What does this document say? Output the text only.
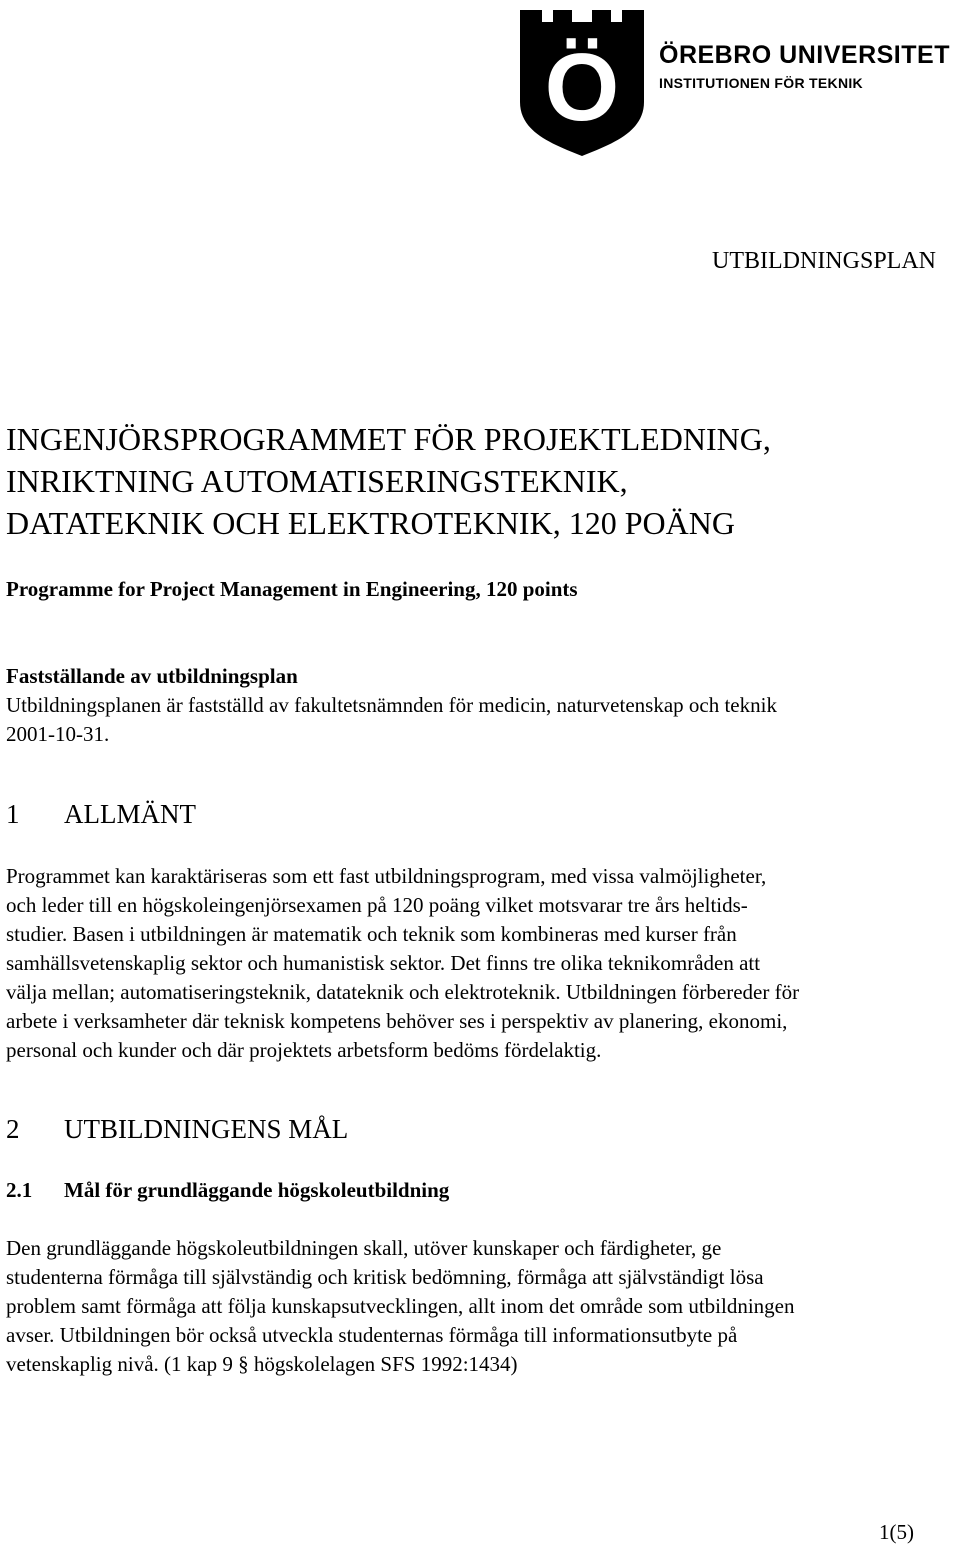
Ö ÖREBRO UNIVERSITET
INSTITUTIONEN FÖR TEKNIK
UTBILDNINGSPLAN
INGENJÖRSPROGRAMMET FÖR PROJEKTLEDNING,
INRIKTNING AUTOMATISERINGSTEKNIK,
DATATEKNIK OCH ELEKTROTEKNIK, 120 POÄNG
Programme for Project Management in Engineering, 120 points
Fastställande av utbildningsplan
Utbildningsplanen är fastställd av fakultetsnämnden för medicin, naturvetenskap och teknik
2001-10-31.
1 ALLMÄNT
Programmet kan karaktäriseras som ett fast utbildningsprogram, med vissa valmöjligheter,
och leder till en högskoleingenjörsexamen på 120 poäng vilket motsvarar tre års heltids-
studier. Basen i utbildningen är matematik och teknik som kombineras med kurser från
samhällsvetenskaplig sektor och humanistisk sektor. Det finns tre olika teknikområden att
välja mellan; automatiseringsteknik, datateknik och elektroteknik. Utbildningen förbereder för
arbete i verksamheter där teknisk kompetens behöver ses i perspektiv av planering, ekonomi,
personal och kunder och där projektets arbetsform bedöms fördelaktig.
2 UTBILDNINGENS MÅL
2.1 Mål för grundläggande högskoleutbildning
Den grundläggande högskoleutbildningen skall, utöver kunskaper och färdigheter, ge
studenterna förmåga till självständig och kritisk bedömning, förmåga att självständigt lösa
problem samt förmåga att följa kunskapsutvecklingen, allt inom det område som utbildningen
avser. Utbildningen bör också utveckla studenternas förmåga till informationsutbyte på
vetenskaplig nivå. (1 kap 9 § högskolelagen SFS 1992:1434)
1(5)
